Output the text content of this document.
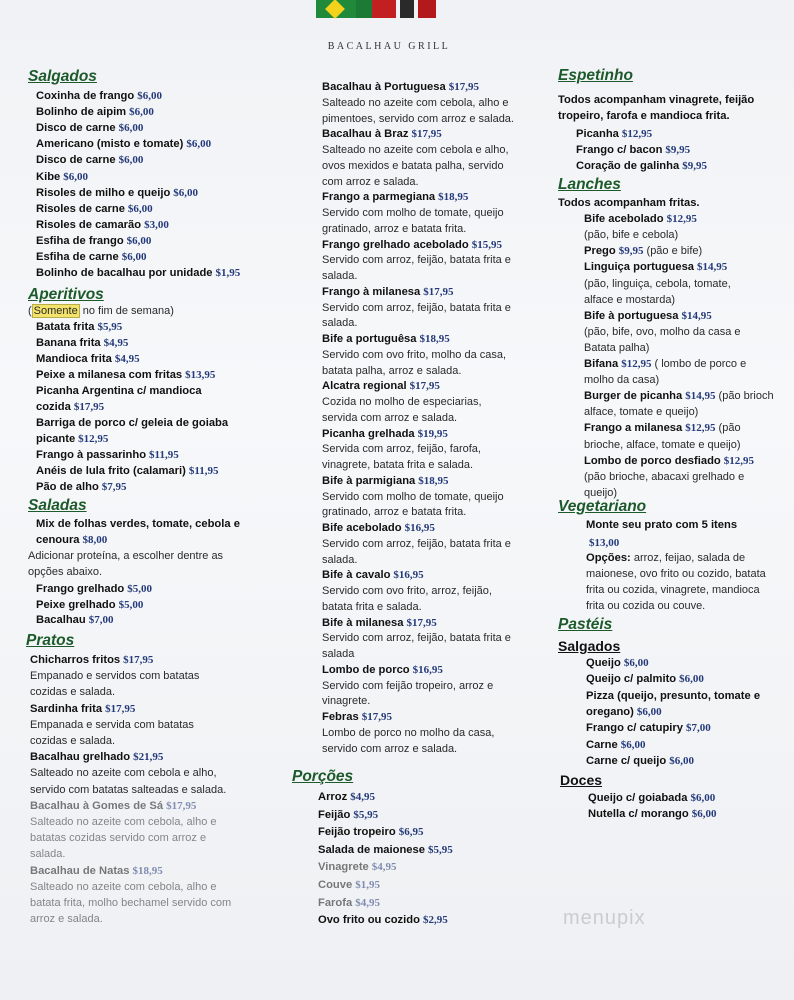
BACALHAU GRILL
Salgados
Coxinha de frango $6,00
Bolinho de aipim $6,00
Disco de carne $6,00
Americano (misto e tomate) $6,00
Disco de carne $6,00
Kibe $6,00
Risoles de milho e queijo $6,00
Risoles de carne $6,00
Risoles de camarão $3,00
Esfiha de frango $6,00
Esfiha de carne $6,00
Bolinho de bacalhau por unidade $1,95
Aperitivos
( Somente no fim de semana)
Batata frita $5,95
Banana frita $4,95
Mandioca frita $4,95
Peixe a milanesa com fritas $13,95
Picanha Argentina c/ mandioca
cozida $17,95
Barriga de porco c/ geleia de goiaba
picante $12,95
Frango à passarinho $11,95
Anéis de lula frito (calamari) $11,95
Pão de alho $7,95
Saladas
Mix de folhas verdes, tomate, cebola e
cenoura $8,00
Adicionar proteína, a escolher dentre as
opções abaixo.
Frango grelhado $5,00
Peixe grelhado $5,00
Bacalhau $7,00
Pratos
Chicharros fritos $17,95
Empanado e servidos com batatas
cozidas e salada.
Sardinha frita $17,95
Empanada e servida com batatas
cozidas e salada.
Bacalhau grelhado $21,95
Salteado no azeite com cebola e alho,
servido com batatas salteadas e salada.
Bacalhau à Gomes de Sá $17,95
Salteado no azeite com cebola, alho e
batatas cozidas servido com arroz e
salada.
Bacalhau de Natas $18,95
Salteado no azeite com cebola, alho e
batata frita, molho bechamel servido com
arroz e salada.
Bacalhau à Portuguesa $17,95
Salteado no azeite com cebola, alho e
pimentoes, servido com arroz e salada.
Bacalhau à Braz $17,95
Salteado no azeite com cebola e alho,
ovos mexidos e batata palha, servido
com arroz e salada.
Frango a parmegiana $18,95
Servido com molho de tomate, queijo
gratinado, arroz e batata frita.
Frango grelhado acebolado $15,95
Servido com arroz, feijão, batata frita e
salada.
Frango à milanesa $17,95
Servido com arroz, feijão, batata frita e
salada.
Bife a portuguêsa $18,95
Servido com ovo frito, molho da casa,
batata palha, arroz e salada.
Alcatra regional $17,95
Cozida no molho de especiarias,
servida com arroz e salada.
Picanha grelhada $19,95
Servida com arroz, feijão, farofa,
vinagrete, batata frita e salada.
Bife à parmigiana $18,95
Servido com molho de tomate, queijo
gratinado, arroz e batata frita.
Bife acebolado $16,95
Servido com arroz, feijão, batata frita e
salada.
Bife à cavalo $16,95
Servido com ovo frito, arroz, feijão,
batata frita e salada.
Bife à milanesa $17,95
Servido com arroz, feijão, batata frita e
salada
Lombo de porco $16,95
Servido com feijão tropeiro, arroz e
vinagrete.
Febras $17,95
Lombo de porco no molho da casa,
servido com arroz e salada.
Porções
Arroz $4,95
Feijão $5,95
Feijão tropeiro $6,95
Salada de maionese $5,95
Vinagrete $4,95
Couve $1,95
Farofa $4,95
Ovo frito ou cozido $2,95
Espetinho
Todos acompanham vinagrete, feijão
tropeiro, farofa e mandioca frita.
Picanha $12,95
Frango c/ bacon $9,95
Coração de galinha $9,95
Lanches
Todos acompanham fritas.
Bife acebolado $12,95
(pão, bife e cebola)
Prego $9,95 (pão e bife)
Linguiça portuguesa $14,95
(pão, linguiça, cebola, tomate,
alface e mostarda)
Bife à portuguesa $14,95
(pão, bife, ovo, molho da casa e
Batata palha)
Bifana $12,95 ( lombo de porco e
molho da casa)
Burger de picanha $14,95 (pão brioch
alface, tomate e queijo)
Frango a milanesa $12,95 (pão
brioche, alface, tomate e queijo)
Lombo de porco desfiado $12,95
(pão brioche, abacaxi grelhado e
queijo)
Vegetariano
Monte seu prato com 5 itens
$13,00
Opções: arroz, feijao, salada de
maionese, ovo frito ou cozido, batata
frita ou cozida, vinagrete, mandioca
frita ou cozida ou couve.
Pastéis
Salgados
Queijo $6,00
Queijo c/ palmito $6,00
Pizza (queijo, presunto, tomate e
oregano) $6,00
Frango c/ catupiry $7,00
Carne $6,00
Carne c/ queijo $6,00
Doces
Queijo c/ goiabada $6,00
Nutella c/ morango $6,00
menupix
